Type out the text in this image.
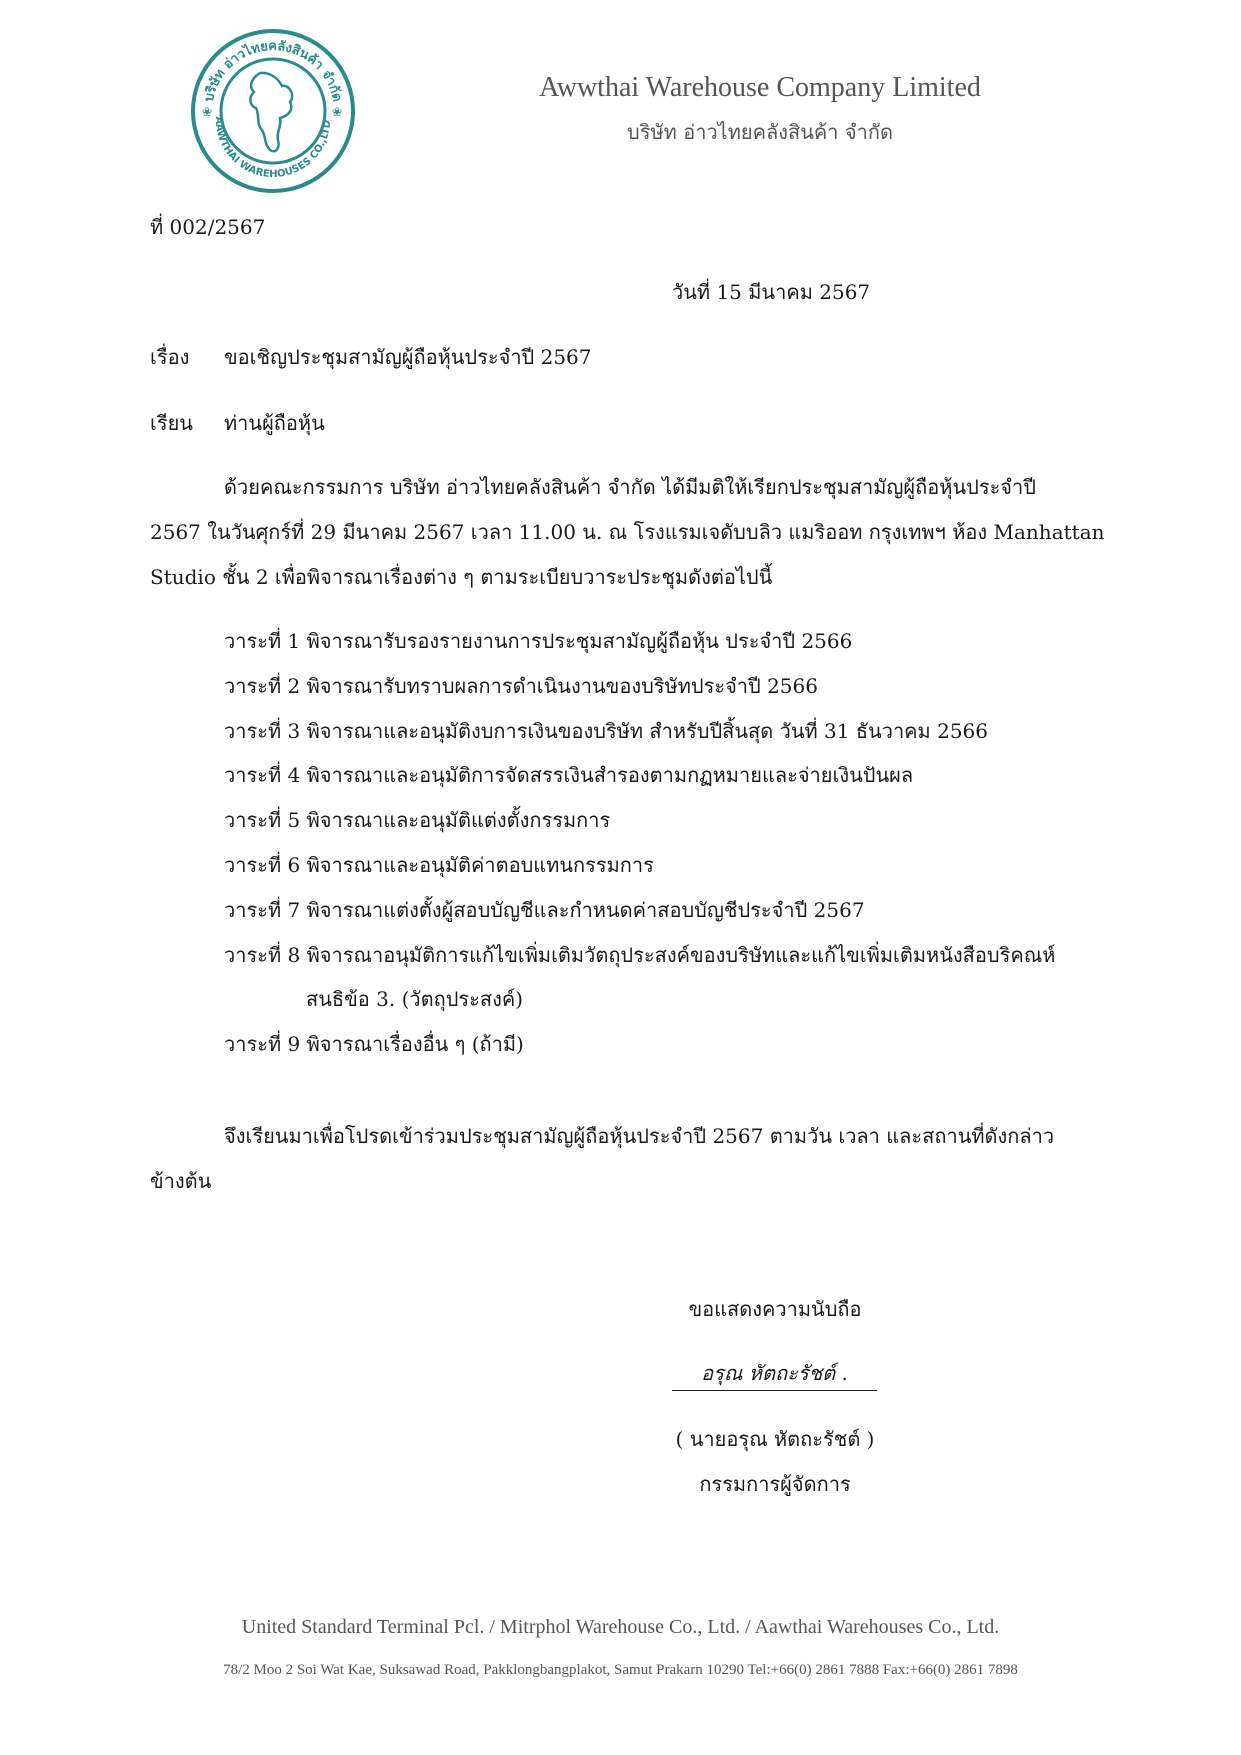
บริษัท อ่าวไทยคลังสินค้า จำกัด
AAWTHAI WAREHOUSES CO.,LTD
❀	❀
Awwthai Warehouse Company Limited
บริษัท อ่าวไทยคลังสินค้า จำกัด
ที่ 002/2567
วันที่ 15 มีนาคม 2567
เรื่อง ขอเชิญประชุมสามัญผู้ถือหุ้นประจำปี 2567
เรียน ท่านผู้ถือหุ้น
ด้วยคณะกรรมการ บริษัท อ่าวไทยคลังสินค้า จำกัด ได้มีมติให้เรียกประชุมสามัญผู้ถือหุ้นประจำปี
2567 ในวันศุกร์ที่ 29 มีนาคม 2567 เวลา 11.00 น. ณ โรงแรมเจดับบลิว แมริออท กรุงเทพฯ ห้อง Manhattan
Studio ชั้น 2 เพื่อพิจารณาเรื่องต่าง ๆ ตามระเบียบวาระประชุมดังต่อไปนี้
วาระที่ 1 พิจารณารับรองรายงานการประชุมสามัญผู้ถือหุ้น ประจำปี 2566
วาระที่ 2 พิจารณารับทราบผลการดำเนินงานของบริษัทประจำปี 2566
วาระที่ 3 พิจารณาและอนุมัติงบการเงินของบริษัท สำหรับปีสิ้นสุด วันที่ 31 ธันวาคม 2566
วาระที่ 4 พิจารณาและอนุมัติการจัดสรรเงินสำรองตามกฏหมายและจ่ายเงินปันผล
วาระที่ 5 พิจารณาและอนุมัติแต่งตั้งกรรมการ
วาระที่ 6 พิจารณาและอนุมัติค่าตอบแทนกรรมการ
วาระที่ 7 พิจารณาแต่งตั้งผู้สอบบัญชีและกำหนดค่าสอบบัญชีประจำปี 2567
วาระที่ 8 พิจารณาอนุมัติการแก้ไขเพิ่มเติมวัตถุประสงค์ของบริษัทและแก้ไขเพิ่มเติมหนังสือบริคณห์
สนธิข้อ 3. (วัตถุประสงค์)
วาระที่ 9 พิจารณาเรื่องอื่น ๆ (ถ้ามี)
จึงเรียนมาเพื่อโปรดเข้าร่วมประชุมสามัญผู้ถือหุ้นประจำปี 2567 ตามวัน เวลา และสถานที่ดังกล่าว
ข้างต้น
ขอแสดงความนับถือ
อรุณ หัตถะรัชต์ .
( นายอรุณ หัตถะรัชต์ )
กรรมการผู้จัดการ
United Standard Terminal Pcl. / Mitrphol Warehouse Co., Ltd. / Aawthai Warehouses Co., Ltd.
78/2 Moo 2 Soi Wat Kae, Suksawad Road, Pakklongbangplakot, Samut Prakarn 10290 Tel:+66(0) 2861 7888 Fax:+66(0) 2861 7898
